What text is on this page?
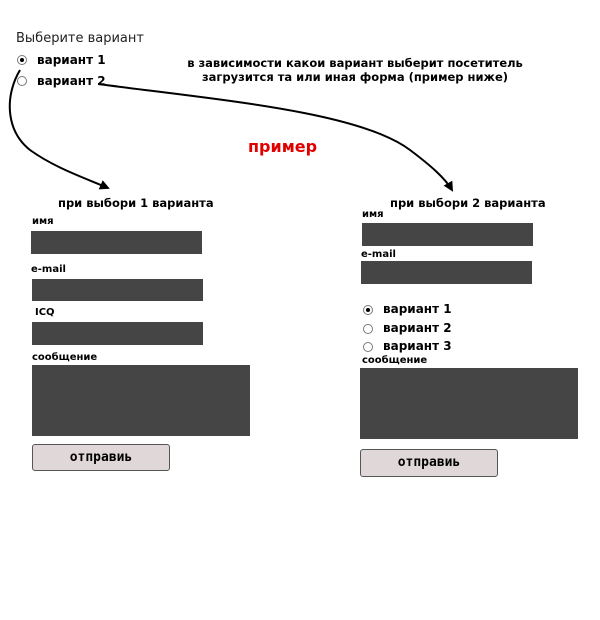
Выберите вариант
вариант 1
вариант 2
в зависимости какои вариант выберит посетитель
загрузится та или иная форма (пример ниже)
пример
при выбори 1 варианта
имя
e-mail
ICQ
сообщение
отправиь
при выбори 2 варианта
имя
e-mail
вариант 1
вариант 2
вариант 3
сообщение
отправиь
